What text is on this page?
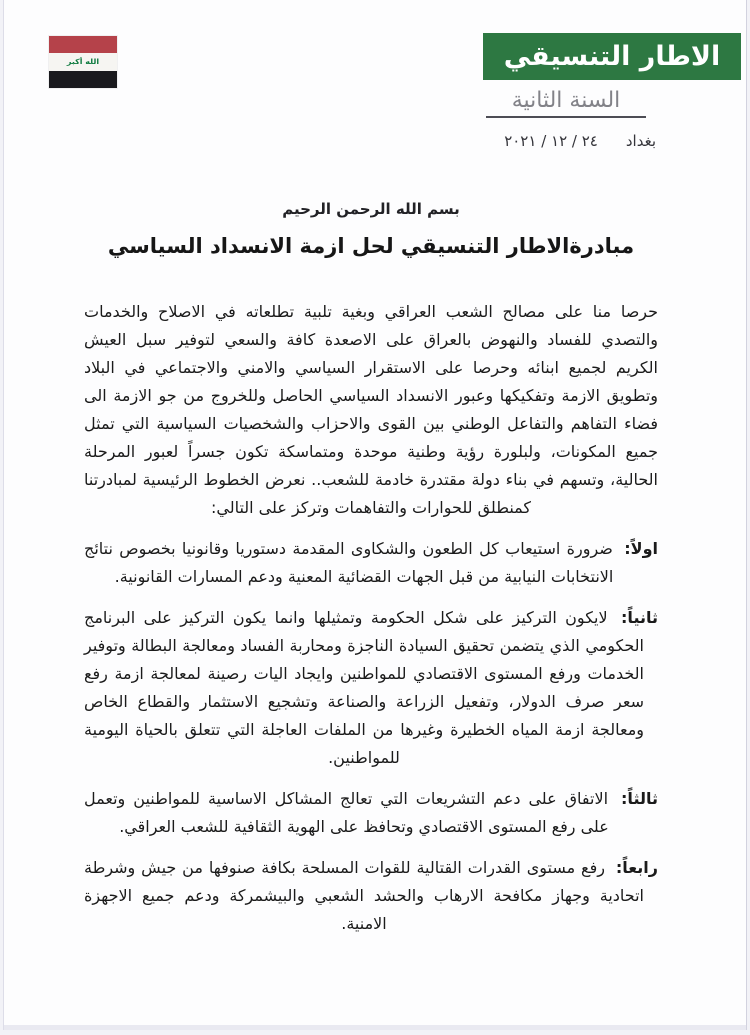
الله أكبر	الاطار التنسيقي
السنة الثانية
بغداد
٢٤ / ١٢ / ٢٠٢١
بسم الله الرحمن الرحيم
مبادرةالاطار التنسيقي لحل ازمة الانسداد السياسي

حرصا منا على مصالح الشعب العراقي وبغية تلبية تطلعاته في الاصلاح والخدمات والتصدي للفساد والنهوض بالعراق على الاصعدة كافة والسعي لتوفير سبل العيش الكريم لجميع ابنائه وحرصا على الاستقرار السياسي والامني والاجتماعي في البلاد وتطويق الازمة وتفكيكها وعبور الانسداد السياسي الحاصل وللخروج من جو الازمة الى فضاء التفاهم والتفاعل الوطني بين القوى والاحزاب والشخصيات السياسية التي تمثل جميع المكونات، ولبلورة رؤية وطنية موحدة ومتماسكة تكون جسراً لعبور المرحلة الحالية، وتسهم في بناء دولة مقتدرة خادمة للشعب.. نعرض الخطوط الرئيسية لمبادرتنا كمنطلق للحوارات والتفاهمات وتركز على التالي:

اولاً: ضرورة استيعاب كل الطعون والشكاوى المقدمة دستوريا وقانونيا بخصوص نتائج الانتخابات النيابية من قبل الجهات القضائية المعنية ودعم المسارات القانونية.

ثانياً: لايكون التركيز على شكل الحكومة وتمثيلها وانما يكون التركيز على البرنامج الحكومي الذي يتضمن تحقيق السيادة الناجزة ومحاربة الفساد ومعالجة البطالة وتوفير الخدمات ورفع المستوى الاقتصادي للمواطنين وايجاد اليات رصينة لمعالجة ازمة رفع سعر صرف الدولار، وتفعيل الزراعة والصناعة وتشجيع الاستثمار والقطاع الخاص ومعالجة ازمة المياه الخطيرة وغيرها من الملفات العاجلة التي تتعلق بالحياة اليومية للمواطنين.

ثالثاً: الاتفاق على دعم التشريعات التي تعالج المشاكل الاساسية للمواطنين وتعمل على رفع المستوى الاقتصادي وتحافظ على الهوية الثقافية للشعب العراقي.

رابعاً: رفع مستوى القدرات القتالية للقوات المسلحة بكافة صنوفها من جيش وشرطة اتحادية وجهاز مكافحة الارهاب والحشد الشعبي والبيشمركة ودعم جميع الاجهزة الامنية.
